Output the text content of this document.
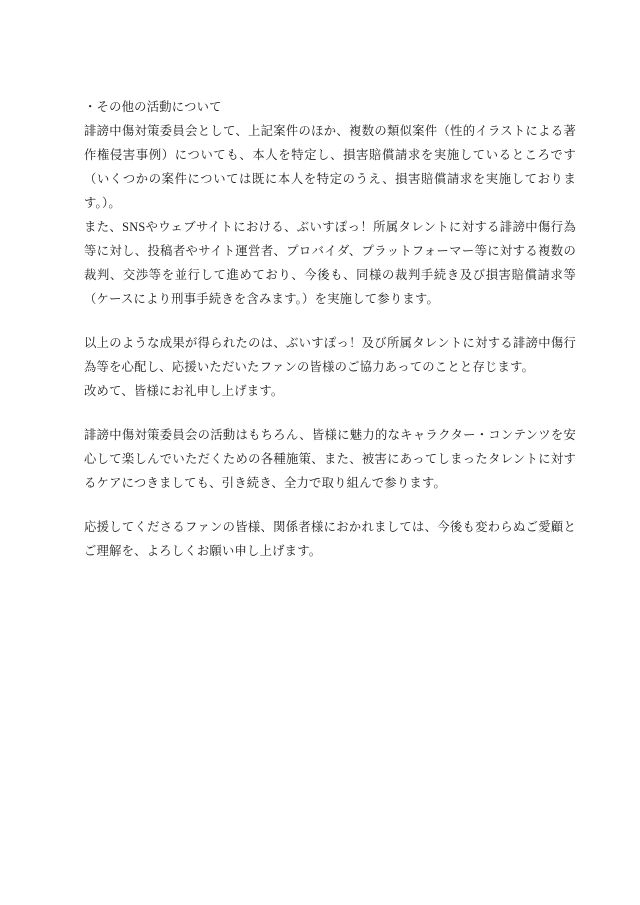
・その他の活動について

誹謗中傷対策委員会として、上記案件のほか、複数の類似案件（性的イラストによる著作権侵害事例）についても、本人を特定し、損害賠償請求を実施しているところです（いくつかの案件については既に本人を特定のうえ、損害賠償請求を実施しております。）。

また、SNSやウェブサイトにおける、ぶいすぽっ！所属タレントに対する誹謗中傷行為等に対し、投稿者やサイト運営者、プロバイダ、プラットフォーマー等に対する複数の裁判、交渉等を並行して進めており、今後も、同様の裁判手続き及び損害賠償請求等（ケースにより刑事手続きを含みます。）を実施して参ります。

以上のような成果が得られたのは、ぶいすぽっ！及び所属タレントに対する誹謗中傷行為等を心配し、応援いただいたファンの皆様のご協力あってのことと存じます。

改めて、皆様にお礼申し上げます。

誹謗中傷対策委員会の活動はもちろん、皆様に魅力的なキャラクター・コンテンツを安心して楽しんでいただくための各種施策、また、被害にあってしまったタレントに対するケアにつきましても、引き続き、全力で取り組んで参ります。

応援してくださるファンの皆様、関係者様におかれましては、今後も変わらぬご愛顧とご理解を、よろしくお願い申し上げます。
